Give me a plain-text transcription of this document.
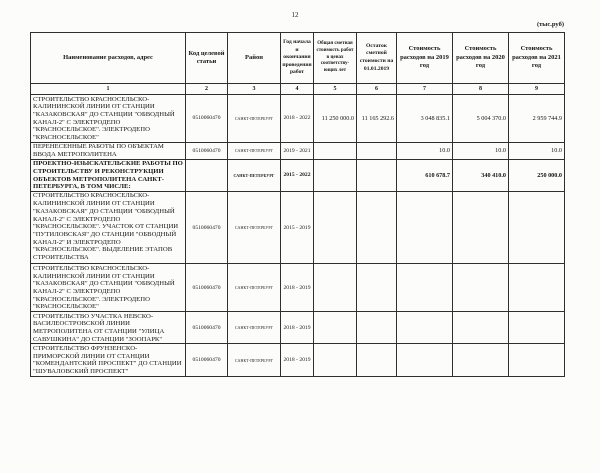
12
(тыс.руб)
Наименование расходов, адрес	Код целевой статьи	Район	Год начала и окончания проведения работ	Общая сметная стоимость работ в ценах соответствующих лет	Остаток сметной стоимости на 01.01.2019	Стоимость расходов на 2019 год	Стоимость расходов на 2020 год	Стоимость расходов на 2021 год
1	2	3	4	5	6	7	8	9
СТРОИТЕЛЬСТВО КРАСНОСЕЛЬСКО-КАЛИНИНСКОЙ ЛИНИИ ОТ СТАНЦИИ "КАЗАКОВСКАЯ" ДО СТАНЦИИ "ОБВОДНЫЙ КАНАЛ-2" С ЭЛЕКТРОДЕПО "КРАСНОСЕЛЬСКОЕ". ЭЛЕКТРОДЕПО "КРАСНОСЕЛЬСКОЕ"	0510060470	САНКТ-ПЕТЕРБУРГ	2018 - 2022	11 250 000.0	11 165 292.6	3 048 835.1	5 004 370.0	2 959 744.9
ПЕРЕНЕСЕННЫЕ РАБОТЫ ПО ОБЪЕКТАМ ВВОДА МЕТРОПОЛИТЕНА	0510060470	САНКТ-ПЕТЕРБУРГ	2019 - 2021			10.0	10.0	10.0
ПРОЕКТНО-ИЗЫСКАТЕЛЬСКИЕ РАБОТЫ ПО СТРОИТЕЛЬСТВУ И РЕКОНСТРУКЦИИ ОБЪЕКТОВ МЕТРОПОЛИТЕНА САНКТ-ПЕТЕРБУРГА, В ТОМ ЧИСЛЕ:		САНКТ-ПЕТЕРБУРГ	2015 - 2022			610 678.7	340 410.0	250 000.0
СТРОИТЕЛЬСТВО КРАСНОСЕЛЬСКО-КАЛИНИНСКОЙ ЛИНИИ ОТ СТАНЦИИ "КАЗАКОВСКАЯ" ДО СТАНЦИИ "ОБВОДНЫЙ КАНАЛ-2" С ЭЛЕКТРОДЕПО "КРАСНОСЕЛЬСКОЕ". УЧАСТОК ОТ СТАНЦИИ "ПУТИЛОВСКАЯ" ДО СТАНЦИИ "ОБВОДНЫЙ КАНАЛ-2" И ЭЛЕКТРОДЕПО "КРАСНОСЕЛЬСКОЕ". ВЫДЕЛЕНИЕ ЭТАПОВ СТРОИТЕЛЬСТВА	0510060470	САНКТ-ПЕТЕРБУРГ	2015 - 2019					
СТРОИТЕЛЬСТВО КРАСНОСЕЛЬСКО-КАЛИНИНСКОЙ ЛИНИИ ОТ СТАНЦИИ "КАЗАКОВСКАЯ" ДО СТАНЦИИ "ОБВОДНЫЙ КАНАЛ-2" С ЭЛЕКТРОДЕПО "КРАСНОСЕЛЬСКОЕ". ЭЛЕКТРОДЕПО "КРАСНОСЕЛЬСКОЕ"	0510060470	САНКТ-ПЕТЕРБУРГ	2018 - 2019					
СТРОИТЕЛЬСТВО УЧАСТКА НЕВСКО-ВАСИЛЕОСТРОВСКОЙ ЛИНИИ МЕТРОПОЛИТЕНА ОТ СТАНЦИИ "УЛИЦА САВУШКИНА" ДО СТАНЦИИ "ЗООПАРК"	0510060470	САНКТ-ПЕТЕРБУРГ	2018 - 2019					
СТРОИТЕЛЬСТВО ФРУНЗЕНСКО-ПРИМОРСКОЙ ЛИНИИ ОТ СТАНЦИИ "КОМЕНДАНТСКИЙ ПРОСПЕКТ" ДО СТАНЦИИ "ШУВАЛОВСКИЙ ПРОСПЕКТ"	0510060470	САНКТ-ПЕТЕРБУРГ	2018 - 2019					
